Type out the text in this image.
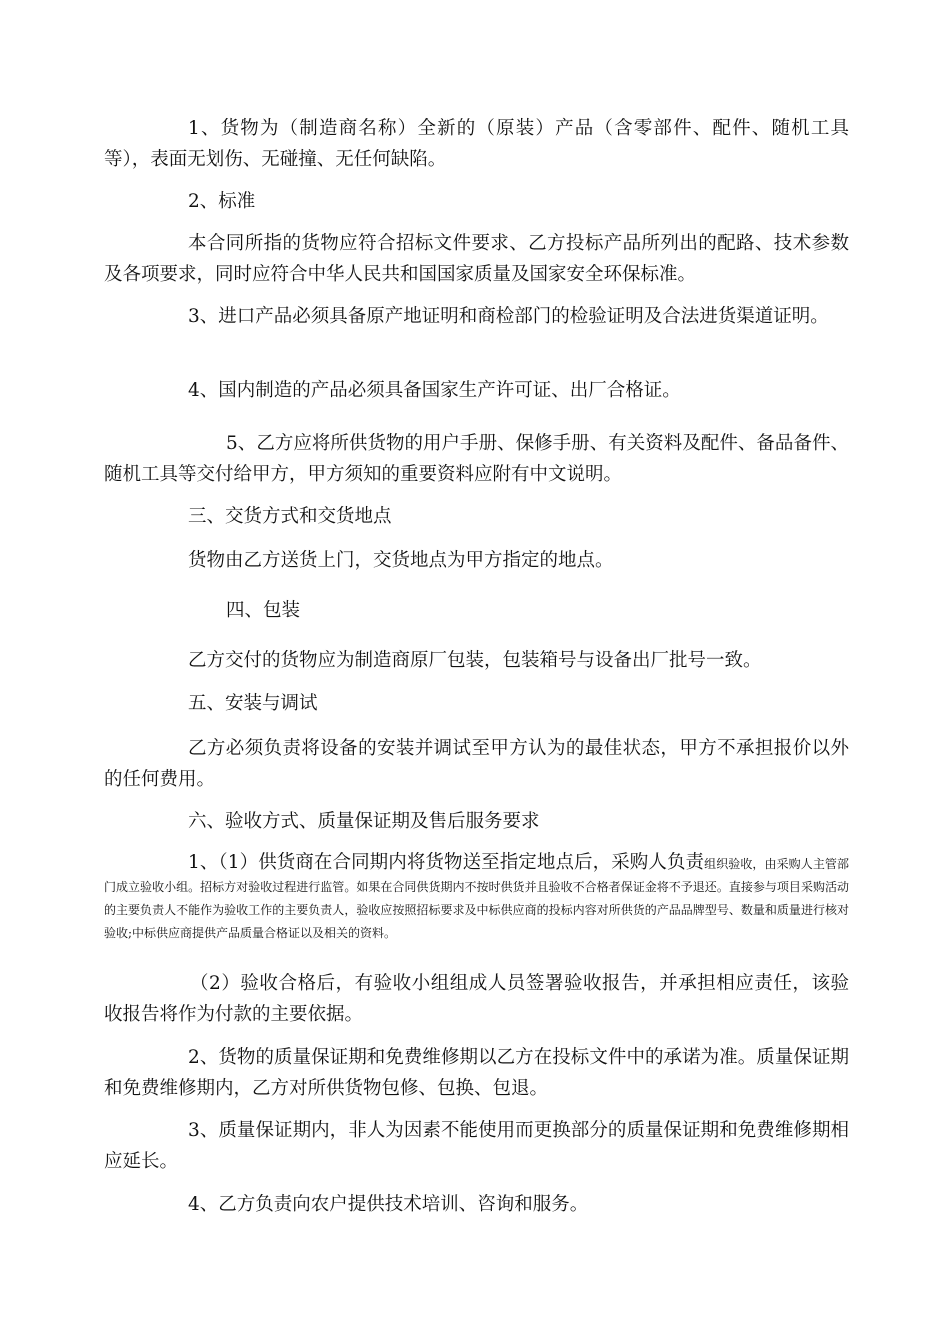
1、货物为（制造商名称）全新的（原装）产品（含零部件、配件、随机工具等），表面无划伤、无碰撞、无任何缺陷。

2、标准

本合同所指的货物应符合招标文件要求、乙方投标产品所列出的配路、技术参数及各项要求，同时应符合中华人民共和国国家质量及国家安全环保标准。

3、进口产品必须具备原产地证明和商检部门的检验证明及合法进货渠道证明。

4、国内制造的产品必须具备国家生产许可证、出厂合格证。

5、乙方应将所供货物的用户手册、保修手册、有关资料及配件、备品备件、随机工具等交付给甲方，甲方须知的重要资料应附有中文说明。

三、交货方式和交货地点

货物由乙方送货上门，交货地点为甲方指定的地点。

四、包装

乙方交付的货物应为制造商原厂包装，包装箱号与设备出厂批号一致。

五、安装与调试

乙方必须负责将设备的安装并调试至甲方认为的最佳状态，甲方不承担报价以外的任何费用。

六、验收方式、质量保证期及售后服务要求

1、（1）供货商在合同期内将货物送至指定地点后，采购人负责组织验收，由采购人主管部门成立验收小组。招标方对验收过程进行监管。如果在合同供货期内不按时供货并且验收不合格者保证金将不予退还。直接参与项目采购活动的主要负责人不能作为验收工作的主要负责人，验收应按照招标要求及中标供应商的投标内容对所供货的产品品牌型号、数量和质量进行核对验收;中标供应商提供产品质量合格证以及相关的资料。

（2）验收合格后，有验收小组组成人员签署验收报告，并承担相应责任，该验收报告将作为付款的主要依据。

2、货物的质量保证期和免费维修期以乙方在投标文件中的承诺为准。质量保证期和免费维修期内，乙方对所供货物包修、包换、包退。

3、质量保证期内，非人为因素不能使用而更换部分的质量保证期和免费维修期相应延长。

4、乙方负责向农户提供技术培训、咨询和服务。
